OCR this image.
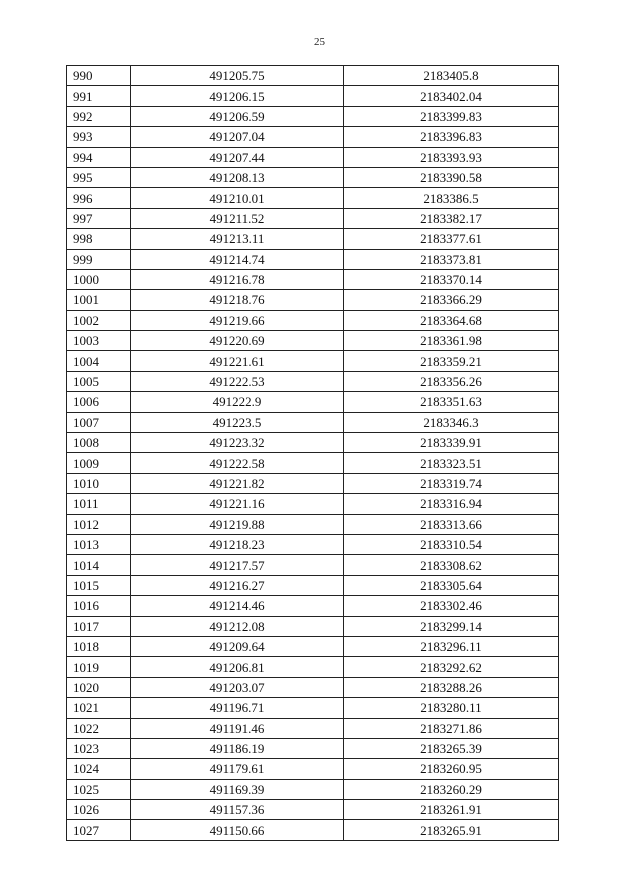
25
990	491205.75	2183405.8
991	491206.15	2183402.04
992	491206.59	2183399.83
993	491207.04	2183396.83
994	491207.44	2183393.93
995	491208.13	2183390.58
996	491210.01	2183386.5
997	491211.52	2183382.17
998	491213.11	2183377.61
999	491214.74	2183373.81
1000	491216.78	2183370.14
1001	491218.76	2183366.29
1002	491219.66	2183364.68
1003	491220.69	2183361.98
1004	491221.61	2183359.21
1005	491222.53	2183356.26
1006	491222.9	2183351.63
1007	491223.5	2183346.3
1008	491223.32	2183339.91
1009	491222.58	2183323.51
1010	491221.82	2183319.74
1011	491221.16	2183316.94
1012	491219.88	2183313.66
1013	491218.23	2183310.54
1014	491217.57	2183308.62
1015	491216.27	2183305.64
1016	491214.46	2183302.46
1017	491212.08	2183299.14
1018	491209.64	2183296.11
1019	491206.81	2183292.62
1020	491203.07	2183288.26
1021	491196.71	2183280.11
1022	491191.46	2183271.86
1023	491186.19	2183265.39
1024	491179.61	2183260.95
1025	491169.39	2183260.29
1026	491157.36	2183261.91
1027	491150.66	2183265.91
